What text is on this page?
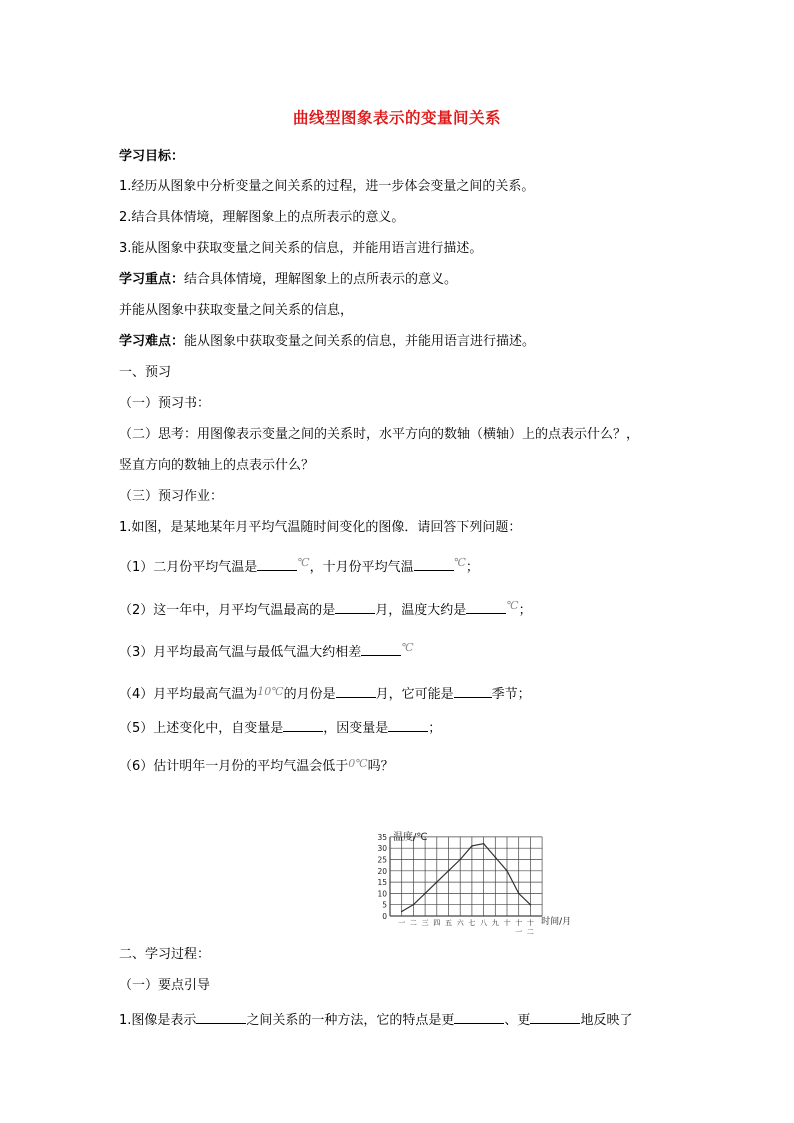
曲线型图象表示的变量间关系
学习目标：
1.经历从图象中分析变量之间关系的过程，进一步体会变量之间的关系。
2.结合具体情境，理解图象上的点所表示的意义。
3.能从图象中获取变量之间关系的信息，并能用语言进行描述。
学习重点：结合具体情境，理解图象上的点所表示的意义。
并能从图象中获取变量之间关系的信息，
学习难点：能从图象中获取变量之间关系的信息，并能用语言进行描述。
一、预习
（一）预习书：
（二）思考：用图像表示变量之间的关系时，水平方向的数轴（横轴）上的点表示什么？，
竖直方向的数轴上的点表示什么？
（三）预习作业：
1.如图，是某地某年月平均气温随时间变化的图像．请回答下列问题：
（1）二月份平均气温是	℃，十月份平均气温	℃；
（2）这一年中，月平均气温最高的是	月，温度大约是	℃；
（3）月平均最高气温与最低气温大约相差	℃
（4）月平均最高气温为$^{10℃}$的月份是	月，它可能是	季节；
（5）上述变化中，自变量是	，因变量是	；
（6）估计明年一月份的平均气温会低于$^{0℃}$吗？
0
5
10
15
20
25
30
35 温度/℃
一 二 三 四 五 六 七 八 九 十 十
一
十
二
时间/月
二、学习过程：
（一）要点引导
1.图像是表示	之间关系的一种方法，它的特点是更	、更	地反映了
